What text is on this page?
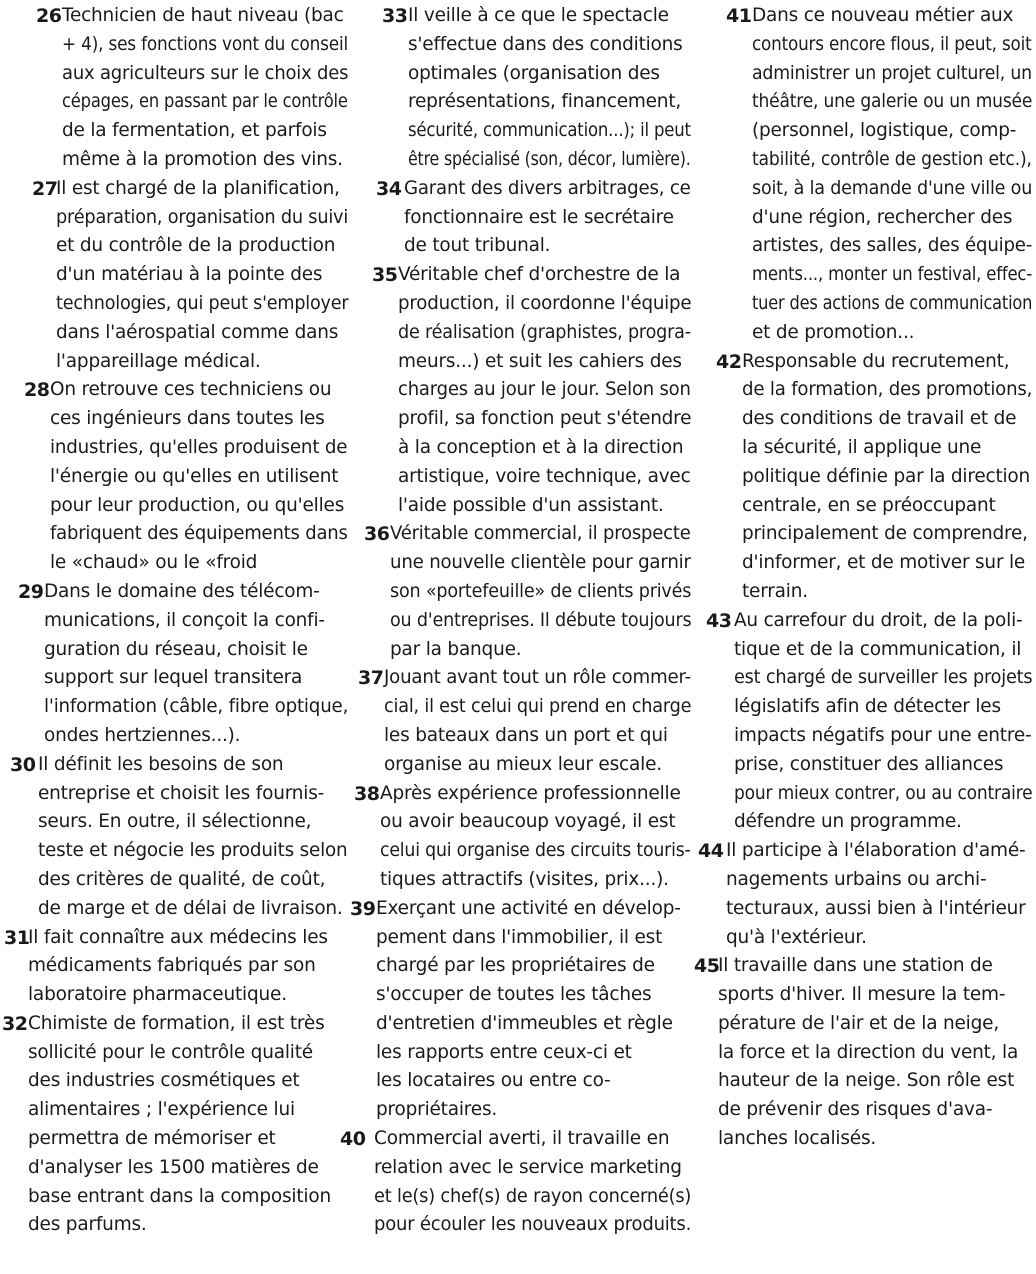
26 Technicien de haut niveau (bac
+ 4), ses fonctions vont du conseil
aux agriculteurs sur le choix des
cépages, en passant par le contrôle
de la fermentation, et parfois
même à la promotion des vins.
27
Il est chargé de la planification,
préparation, organisation du suivi
et du contrôle de la production
d'un matériau à la pointe des
technologies, qui peut s'employer
dans l'aérospatial comme dans
l'appareillage médical.
28 On retrouve ces techniciens ou
ces ingénieurs dans toutes les
industries, qu'elles produisent de
l'énergie ou qu'elles en utilisent
pour leur production, ou qu'elles
fabriquent des équipements dans
le «chaud» ou le «froid
29 Dans le domaine des télécom-
munications, il conçoit la confi-
guration du réseau, choisit le
support sur lequel transitera
l'information (câble, fibre optique,
ondes hertziennes...).
30 Il définit les besoins de son
entreprise et choisit les fournis-
seurs. En outre, il sélectionne,
teste et négocie les produits selon
des critères de qualité, de coût,
de marge et de délai de livraison.
31
Il fait connaître aux médecins les
médicaments fabriqués par son
laboratoire pharmaceutique.
32 Chimiste de formation, il est très
sollicité pour le contrôle qualité
des industries cosmétiques et
alimentaires ; l'expérience lui
permettra de mémoriser et
d'analyser les 1500 matières de
base entrant dans la composition
des parfums.
33 Il veille à ce que le spectacle
s'effectue dans des conditions
optimales (organisation des
représentations, financement,
sécurité, communication...); il peut
être spécialisé (son, décor, lumière).
34 Garant des divers arbitrages, ce
fonctionnaire est le secrétaire
de tout tribunal.
35 Véritable chef d'orchestre de la
production, il coordonne l'équipe
de réalisation (graphistes, progra-
meurs...) et suit les cahiers des
charges au jour le jour. Selon son
profil, sa fonction peut s'étendre
à la conception et à la direction
artistique, voire technique, avec
l'aide possible d'un assistant.
36 Véritable commercial, il prospecte
une nouvelle clientèle pour garnir
son «portefeuille» de clients privés
ou d'entreprises. Il débute toujours
par la banque.
37 Jouant avant tout un rôle commer-
cial, il est celui qui prend en charge
les bateaux dans un port et qui
organise au mieux leur escale.
38 Après expérience professionnelle
ou avoir beaucoup voyagé, il est
celui qui organise des circuits touris-
tiques attractifs (visites, prix...).
39 Exerçant une activité en dévelop-
pement dans l'immobilier, il est
chargé par les propriétaires de
s'occuper de toutes les tâches
d'entretien d'immeubles et règle
les rapports entre ceux-ci et
les locataires ou entre co-
propriétaires.
40 Commercial averti, il travaille en
relation avec le service marketing
et le(s) chef(s) de rayon concerné(s)
pour écouler les nouveaux produits.
41 Dans ce nouveau métier aux
contours encore flous, il peut, soit
administrer un projet culturel, un
théâtre, une galerie ou un musée
(personnel, logistique, comp-
tabilité, contrôle de gestion etc.),
soit, à la demande d'une ville ou
d'une région, rechercher des
artistes, des salles, des équipe-
ments..., monter un festival, effec-
tuer des actions de communication
et de promotion...
42 Responsable du recrutement,
de la formation, des promotions,
des conditions de travail et de
la sécurité, il applique une
politique définie par la direction
centrale, en se préoccupant
principalement de comprendre,
d'informer, et de motiver sur le
terrain.
43 Au carrefour du droit, de la poli-
tique et de la communication, il
est chargé de surveiller les projets
législatifs afin de détecter les
impacts négatifs pour une entre-
prise, constituer des alliances
pour mieux contrer, ou au contraire
défendre un programme.
44 Il participe à l'élaboration d'amé-
nagements urbains ou archi-
tecturaux, aussi bien à l'intérieur
qu'à l'extérieur.
45
Il travaille dans une station de
sports d'hiver. Il mesure la tem-
pérature de l'air et de la neige,
la force et la direction du vent, la
hauteur de la neige. Son rôle est
de prévenir des risques d'ava-
lanches localisés.
